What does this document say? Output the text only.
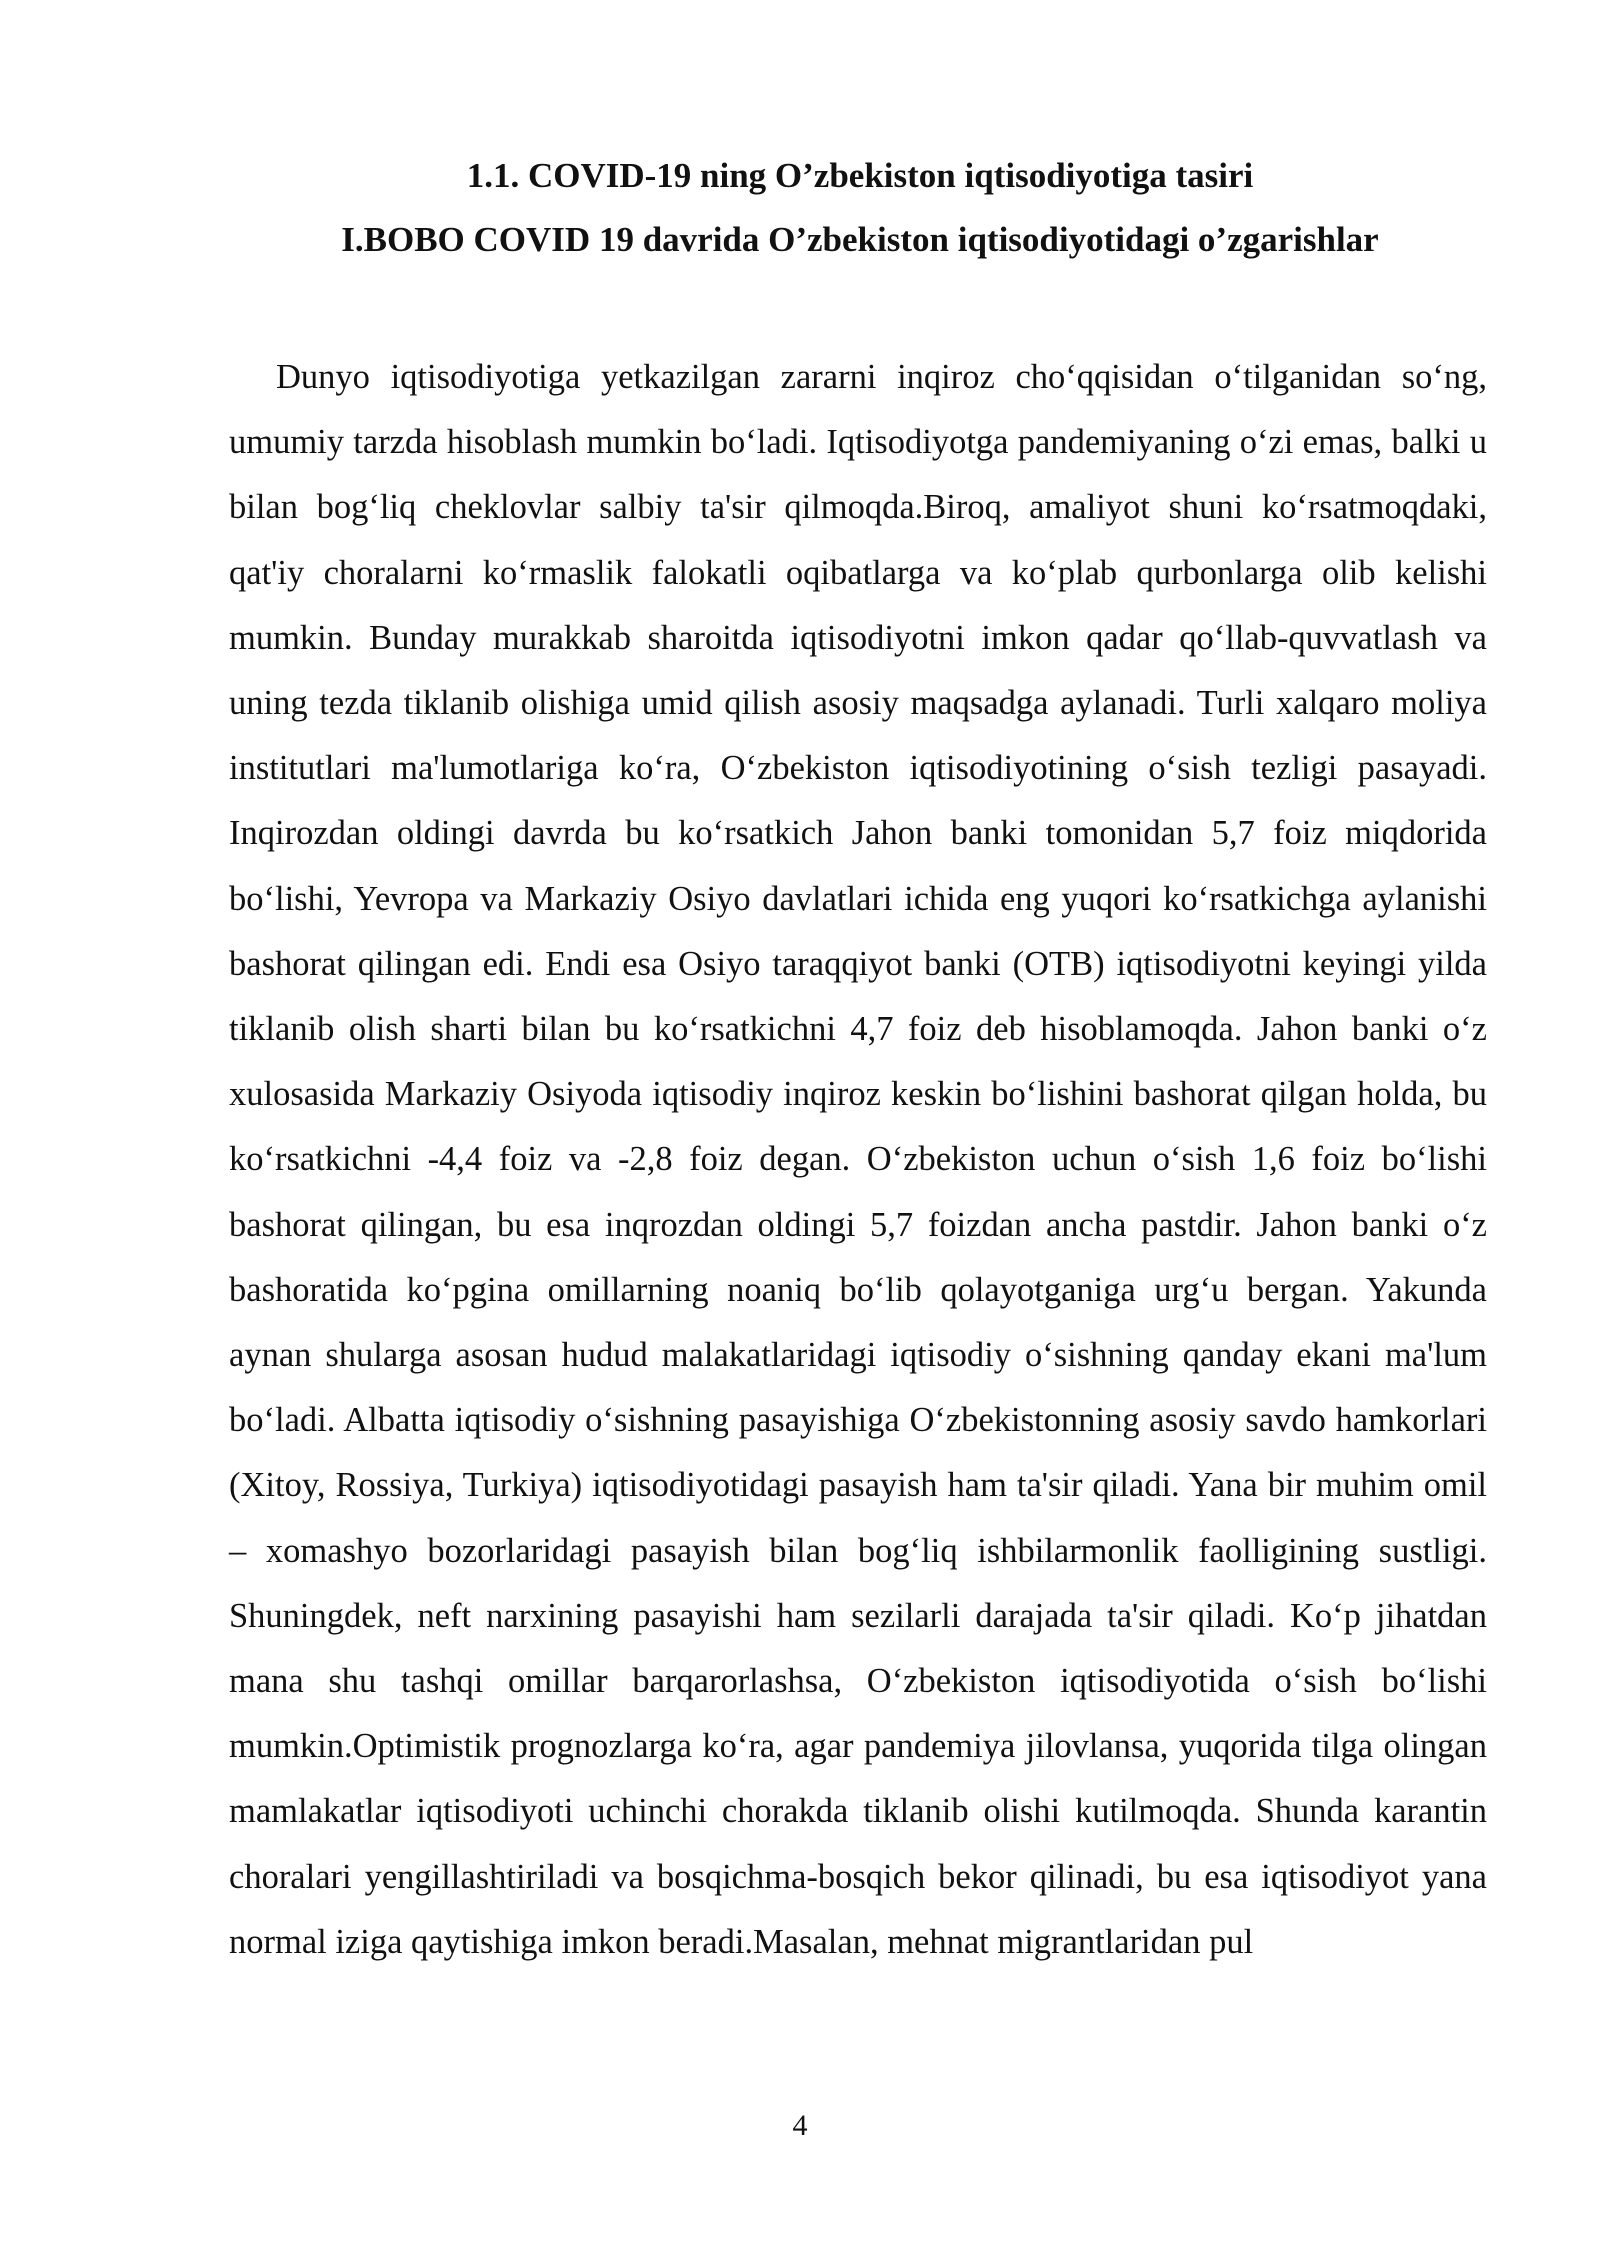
1.1. COVID-19 ning O’zbekiston iqtisodiyotiga tasiri
I.BOBO COVID 19 davrida O’zbekiston iqtisodiyotidagi o’zgarishlar

Dunyo iqtisodiyotiga yetkazilgan zararni inqiroz cho‘qqisidan o‘tilganidan so‘ng, umumiy tarzda hisoblash mumkin bo‘ladi. Iqtisodiyotga pandemiyaning o‘zi emas, balki u bilan bog‘liq cheklovlar salbiy ta'sir qilmoqda.Biroq, amaliyot shuni ko‘rsatmoqdaki, qat'iy choralarni ko‘rmaslik falokatli oqibatlarga va ko‘plab qurbonlarga olib kelishi mumkin. Bunday murakkab sharoitda iqtisodiyotni imkon qadar qo‘llab-quvvatlash va uning tezda tiklanib olishiga umid qilish asosiy maqsadga aylanadi. Turli xalqaro moliya institutlari ma'lumotlariga ko‘ra, O‘zbekiston iqtisodiyotining o‘sish tezligi pasayadi. Inqirozdan oldingi davrda bu ko‘rsatkich Jahon banki tomonidan 5,7 foiz miqdorida bo‘lishi, Yevropa va Markaziy Osiyo davlatlari ichida eng yuqori ko‘rsatkichga aylanishi bashorat qilingan edi. Endi esa Osiyo taraqqiyot banki (OTB) iqtisodiyotni keyingi yilda tiklanib olish sharti bilan bu ko‘rsatkichni 4,7 foiz deb hisoblamoqda. Jahon banki o‘z xulosasida Markaziy Osiyoda iqtisodiy inqiroz keskin bo‘lishini bashorat qilgan holda, bu ko‘rsatkichni -4,4 foiz va -2,8 foiz degan. O‘zbekiston uchun o‘sish 1,6 foiz bo‘lishi bashorat qilingan, bu esa inqrozdan oldingi 5,7 foizdan ancha pastdir. Jahon banki o‘z bashoratida ko‘pgina omillarning noaniq bo‘lib qolayotganiga urg‘u bergan. Yakunda aynan shularga asosan hudud malakatlaridagi iqtisodiy o‘sishning qanday ekani ma'lum bo‘ladi. Albatta iqtisodiy o‘sishning pasayishiga O‘zbekistonning asosiy savdo hamkorlari (Xitoy, Rossiya, Turkiya) iqtisodiyotidagi pasayish ham ta'sir qiladi. Yana bir muhim omil – xomashyo bozorlaridagi pasayish bilan bog‘liq ishbilarmonlik faolligining sustligi. Shuningdek, neft narxining pasayishi ham sezilarli darajada ta'sir qiladi. Ko‘p jihatdan mana shu tashqi omillar barqarorlashsa, O‘zbekiston iqtisodiyotida o‘sish bo‘lishi mumkin.Optimistik prognozlarga ko‘ra, agar pandemiya jilovlansa, yuqorida tilga olingan mamlakatlar iqtisodiyoti uchinchi chorakda tiklanib olishi kutilmoqda. Shunda karantin choralari yengillashtiriladi va bosqichma-bosqich bekor qilinadi, bu esa iqtisodiyot yana normal iziga qaytishiga imkon beradi.Masalan, mehnat migrantlaridan pul

4
